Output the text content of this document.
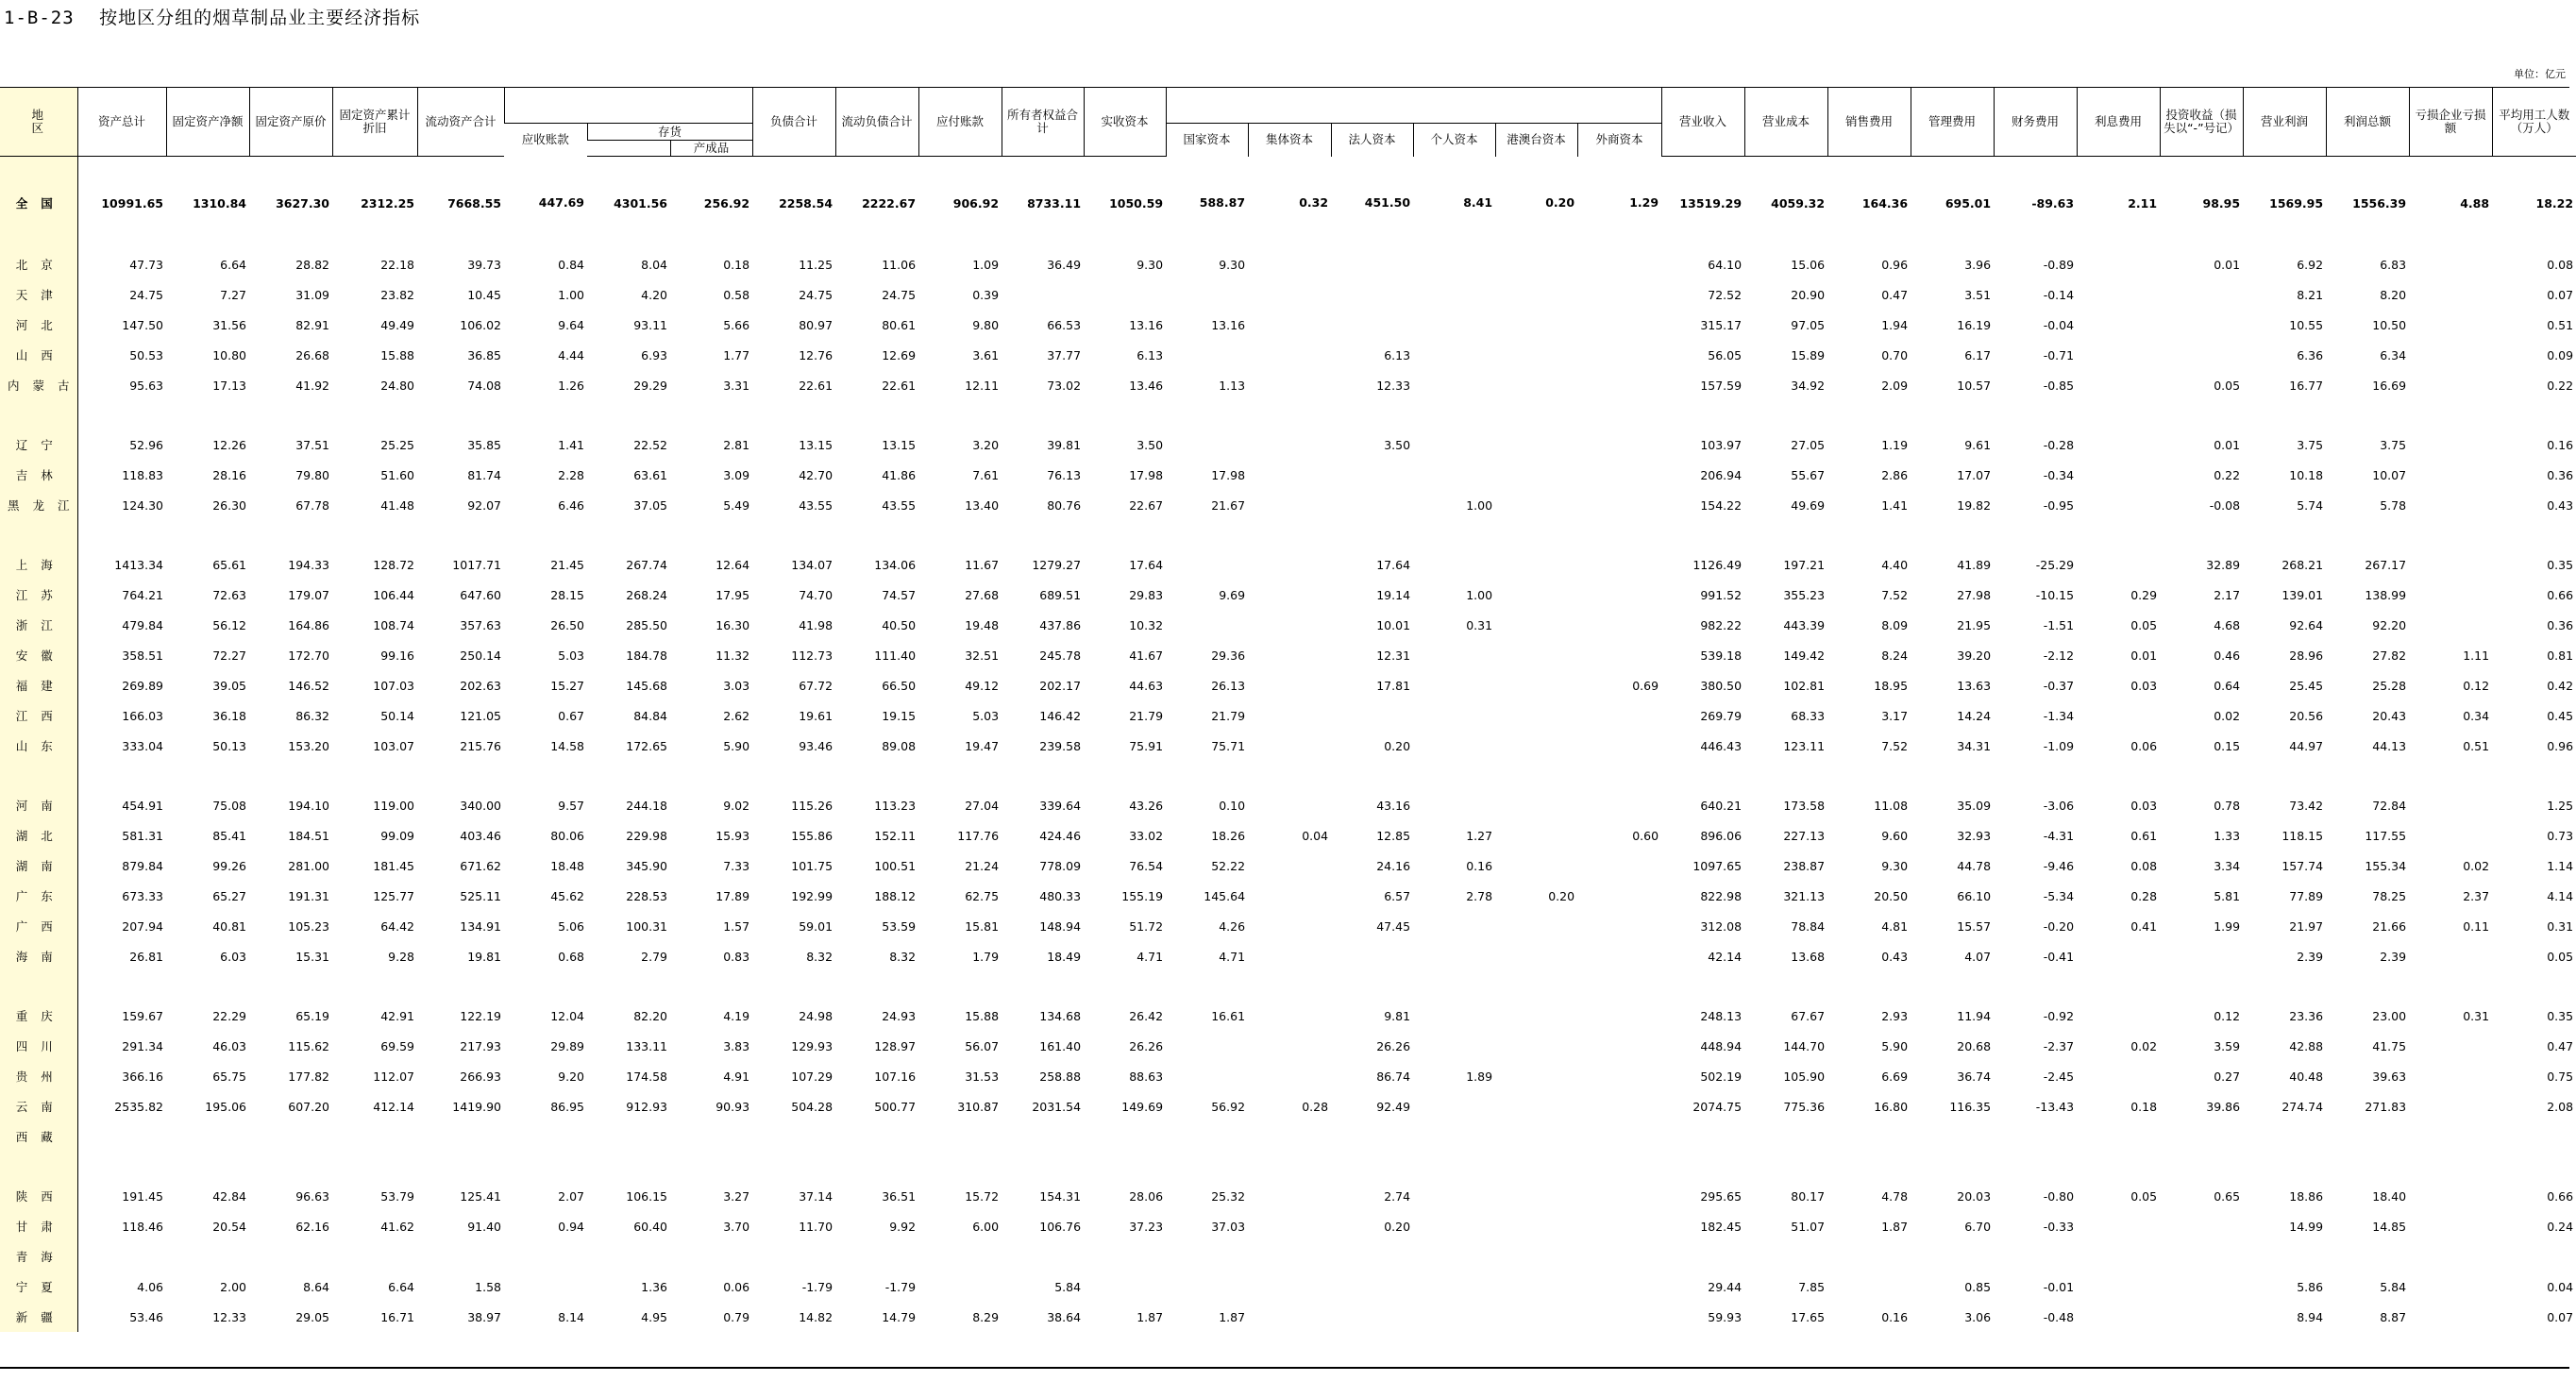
1-B-23 按地区分组的烟草制品业主要经济指标
单位：亿元
地区	资产总计	固定资产净额	固定资产原价	固定资产累计折旧	流动资产合计				负债合计	流动负债合计	应付账款	所有者权益合计	实收资本							营业收入	营业成本	销售费用	管理费用	财务费用	利息费用	投资收益（损失以“-”号记）	营业利润	利润总额	亏损企业亏损额	平均用工人数（万人）
						应收账款	存货							国家资本	集体资本	法人资本	个人资本	港澳台资本	外商资本											
								产成品																						
全国	10991.65	1310.84	3627.30	2312.25	7668.55	447.69	4301.56	256.92	2258.54	2222.67	906.92	8733.11	1050.59	588.87	0.32	451.50	8.41	0.20	1.29	13519.29	4059.32	164.36	695.01	-89.63	2.11	98.95	1569.95	1556.39	4.88	18.22
北京	47.73	6.64	28.82	22.18	39.73	0.84	8.04	0.18	11.25	11.06	1.09	36.49	9.30	9.30						64.10	15.06	0.96	3.96	-0.89		0.01	6.92	6.83		0.08
天津	24.75	7.27	31.09	23.82	10.45	1.00	4.20	0.58	24.75	24.75	0.39									72.52	20.90	0.47	3.51	-0.14			8.21	8.20		0.07
河北	147.50	31.56	82.91	49.49	106.02	9.64	93.11	5.66	80.97	80.61	9.80	66.53	13.16	13.16						315.17	97.05	1.94	16.19	-0.04			10.55	10.50		0.51
山西	50.53	10.80	26.68	15.88	36.85	4.44	6.93	1.77	12.76	12.69	3.61	37.77	6.13			6.13				56.05	15.89	0.70	6.17	-0.71			6.36	6.34		0.09
内蒙古	95.63	17.13	41.92	24.80	74.08	1.26	29.29	3.31	22.61	22.61	12.11	73.02	13.46	1.13		12.33				157.59	34.92	2.09	10.57	-0.85		0.05	16.77	16.69		0.22

辽宁	52.96	12.26	37.51	25.25	35.85	1.41	22.52	2.81	13.15	13.15	3.20	39.81	3.50			3.50				103.97	27.05	1.19	9.61	-0.28		0.01	3.75	3.75		0.16
吉林	118.83	28.16	79.80	51.60	81.74	2.28	63.61	3.09	42.70	41.86	7.61	76.13	17.98	17.98						206.94	55.67	2.86	17.07	-0.34		0.22	10.18	10.07		0.36
黑龙江	124.30	26.30	67.78	41.48	92.07	6.46	37.05	5.49	43.55	43.55	13.40	80.76	22.67	21.67			1.00			154.22	49.69	1.41	19.82	-0.95		-0.08	5.74	5.78		0.43

上海	1413.34	65.61	194.33	128.72	1017.71	21.45	267.74	12.64	134.07	134.06	11.67	1279.27	17.64			17.64				1126.49	197.21	4.40	41.89	-25.29		32.89	268.21	267.17		0.35
江苏	764.21	72.63	179.07	106.44	647.60	28.15	268.24	17.95	74.70	74.57	27.68	689.51	29.83	9.69		19.14	1.00			991.52	355.23	7.52	27.98	-10.15	0.29	2.17	139.01	138.99		0.66
浙江	479.84	56.12	164.86	108.74	357.63	26.50	285.50	16.30	41.98	40.50	19.48	437.86	10.32			10.01	0.31			982.22	443.39	8.09	21.95	-1.51	0.05	4.68	92.64	92.20		0.36
安徽	358.51	72.27	172.70	99.16	250.14	5.03	184.78	11.32	112.73	111.40	32.51	245.78	41.67	29.36		12.31				539.18	149.42	8.24	39.20	-2.12	0.01	0.46	28.96	27.82	1.11	0.81
福建	269.89	39.05	146.52	107.03	202.63	15.27	145.68	3.03	67.72	66.50	49.12	202.17	44.63	26.13		17.81			0.69	380.50	102.81	18.95	13.63	-0.37	0.03	0.64	25.45	25.28	0.12	0.42
江西	166.03	36.18	86.32	50.14	121.05	0.67	84.84	2.62	19.61	19.15	5.03	146.42	21.79	21.79						269.79	68.33	3.17	14.24	-1.34		0.02	20.56	20.43	0.34	0.45
山东	333.04	50.13	153.20	103.07	215.76	14.58	172.65	5.90	93.46	89.08	19.47	239.58	75.91	75.71		0.20				446.43	123.11	7.52	34.31	-1.09	0.06	0.15	44.97	44.13	0.51	0.96

河南	454.91	75.08	194.10	119.00	340.00	9.57	244.18	9.02	115.26	113.23	27.04	339.64	43.26	0.10		43.16				640.21	173.58	11.08	35.09	-3.06	0.03	0.78	73.42	72.84		1.25
湖北	581.31	85.41	184.51	99.09	403.46	80.06	229.98	15.93	155.86	152.11	117.76	424.46	33.02	18.26	0.04	12.85	1.27		0.60	896.06	227.13	9.60	32.93	-4.31	0.61	1.33	118.15	117.55		0.73
湖南	879.84	99.26	281.00	181.45	671.62	18.48	345.90	7.33	101.75	100.51	21.24	778.09	76.54	52.22		24.16	0.16			1097.65	238.87	9.30	44.78	-9.46	0.08	3.34	157.74	155.34	0.02	1.14
广东	673.33	65.27	191.31	125.77	525.11	45.62	228.53	17.89	192.99	188.12	62.75	480.33	155.19	145.64		6.57	2.78	0.20		822.98	321.13	20.50	66.10	-5.34	0.28	5.81	77.89	78.25	2.37	4.14
广西	207.94	40.81	105.23	64.42	134.91	5.06	100.31	1.57	59.01	53.59	15.81	148.94	51.72	4.26		47.45				312.08	78.84	4.81	15.57	-0.20	0.41	1.99	21.97	21.66	0.11	0.31
海南	26.81	6.03	15.31	9.28	19.81	0.68	2.79	0.83	8.32	8.32	1.79	18.49	4.71	4.71						42.14	13.68	0.43	4.07	-0.41			2.39	2.39		0.05

重庆	159.67	22.29	65.19	42.91	122.19	12.04	82.20	4.19	24.98	24.93	15.88	134.68	26.42	16.61		9.81				248.13	67.67	2.93	11.94	-0.92		0.12	23.36	23.00	0.31	0.35
四川	291.34	46.03	115.62	69.59	217.93	29.89	133.11	3.83	129.93	128.97	56.07	161.40	26.26			26.26				448.94	144.70	5.90	20.68	-2.37	0.02	3.59	42.88	41.75		0.47
贵州	366.16	65.75	177.82	112.07	266.93	9.20	174.58	4.91	107.29	107.16	31.53	258.88	88.63			86.74	1.89			502.19	105.90	6.69	36.74	-2.45		0.27	40.48	39.63		0.75
云南	2535.82	195.06	607.20	412.14	1419.90	86.95	912.93	90.93	504.28	500.77	310.87	2031.54	149.69	56.92	0.28	92.49				2074.75	775.36	16.80	116.35	-13.43	0.18	39.86	274.74	271.83		2.08
西藏																														

陕西	191.45	42.84	96.63	53.79	125.41	2.07	106.15	3.27	37.14	36.51	15.72	154.31	28.06	25.32		2.74				295.65	80.17	4.78	20.03	-0.80	0.05	0.65	18.86	18.40		0.66
甘肃	118.46	20.54	62.16	41.62	91.40	0.94	60.40	3.70	11.70	9.92	6.00	106.76	37.23	37.03		0.20				182.45	51.07	1.87	6.70	-0.33			14.99	14.85		0.24
青海																														
宁夏	4.06	2.00	8.64	6.64	1.58		1.36	0.06	-1.79	-1.79		5.84								29.44	7.85		0.85	-0.01			5.86	5.84		0.04
新疆	53.46	12.33	29.05	16.71	38.97	8.14	4.95	0.79	14.82	14.79	8.29	38.64	1.87	1.87						59.93	17.65	0.16	3.06	-0.48			8.94	8.87		0.07
